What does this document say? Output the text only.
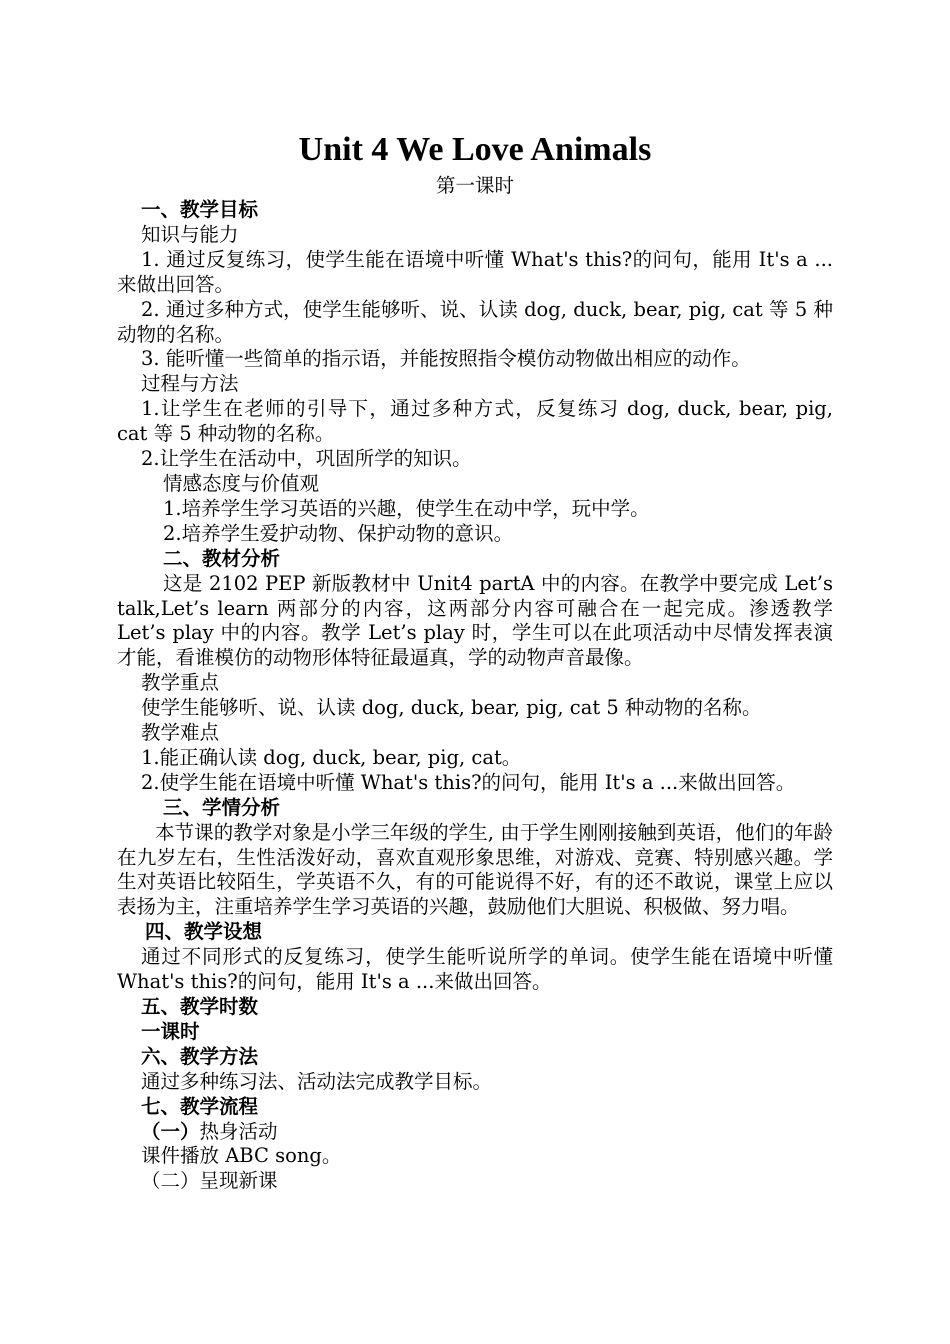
Unit 4 We Love Animals

第一课时

一、教学目标

知识与能力

1. 通过反复练习，使学生能在语境中听懂 What's this?的问句，能用 It's a ...来做出回答。

2. 通过多种方式，使学生能够听、说、认读 dog, duck, bear, pig, cat 等 5 种动物的名称。

3. 能听懂一些简单的指示语，并能按照指令模仿动物做出相应的动作。

过程与方法

1.让学生在老师的引导下，通过多种方式，反复练习 dog, duck, bear, pig, cat 等 5 种动物的名称。

2.让学生在活动中，巩固所学的知识。

情感态度与价值观

1.培养学生学习英语的兴趣，使学生在动中学，玩中学。

2.培养学生爱护动物、保护动物的意识。

二、教材分析

这是 2102 PEP 新版教材中 Unit4 partA 中的内容。在教学中要完成 Let’s talk,Let’s learn 两部分的内容，这两部分内容可融合在一起完成。渗透教学 Let’s play 中的内容。教学 Let’s play 时，学生可以在此项活动中尽情发挥表演才能，看谁模仿的动物形体特征最逼真，学的动物声音最像。

教学重点

使学生能够听、说、认读 dog, duck, bear, pig, cat 5 种动物的名称。

教学难点

1.能正确认读 dog, duck, bear, pig, cat。

2.使学生能在语境中听懂 What's this?的问句，能用 It's a ...来做出回答。

三、学情分析

本节课的教学对象是小学三年级的学生, 由于学生刚刚接触到英语，他们的年龄在九岁左右，生性活泼好动，喜欢直观形象思维，对游戏、竞赛、特别感兴趣。学生对英语比较陌生，学英语不久，有的可能说得不好，有的还不敢说，课堂上应以表扬为主，注重培养学生学习英语的兴趣，鼓励他们大胆说、积极做、努力唱。

四、教学设想

通过不同形式的反复练习，使学生能听说所学的单词。使学生能在语境中听懂 What's this?的问句，能用 It's a ...来做出回答。

五、教学时数

一课时

六、教学方法

通过多种练习法、活动法完成教学目标。

七、教学流程

（一）热身活动

课件播放 ABC song。

（二）呈现新课
